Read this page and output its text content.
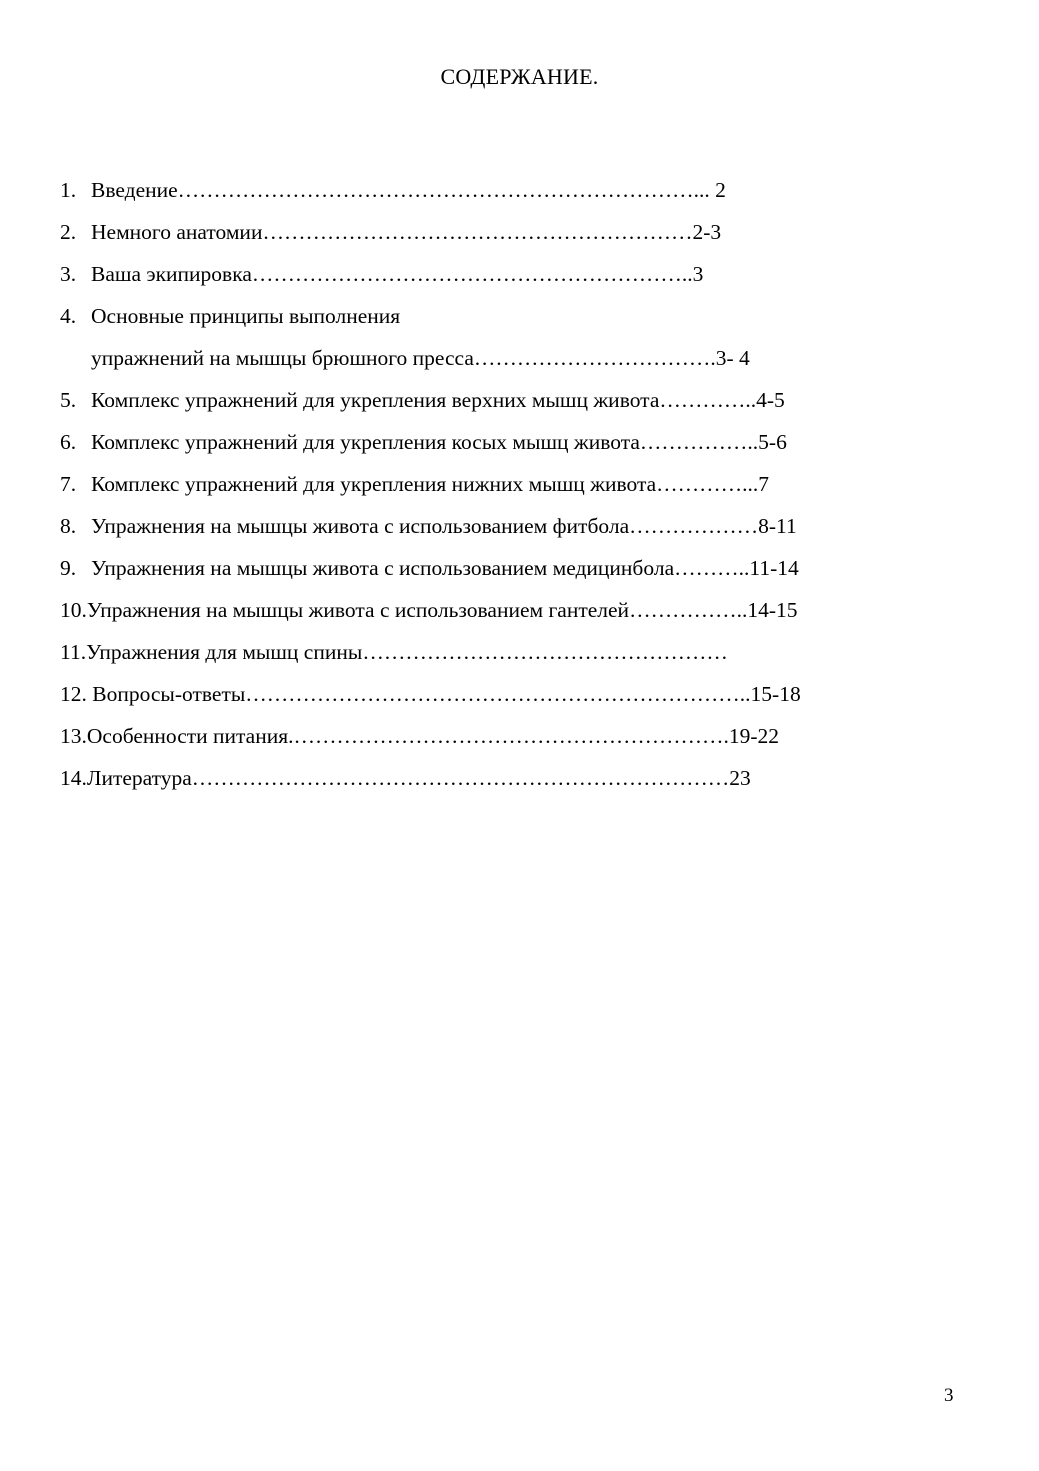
СОДЕРЖАНИЕ.
1. Введение………………………………………………………………... 2
2. Немного анатомии……………………………………………………2-3
3. Ваша экипировка……………………………………………………..3
4. Основные принципы выполнения
упражнений на мышцы брюшного пресса…………………………….3- 4
5. Комплекс упражнений для укрепления верхних мышц живота…………..4-5
6. Комплекс упражнений для укрепления косых мышц живота……………..5-6
7. Комплекс упражнений для укрепления нижних мышц живота…………...7
8. Упражнения на мышцы живота с использованием фитбола………………8-11
9. Упражнения на мышцы живота с использованием медицинбола………..11-14
10.Упражнения на мышцы живота с использованием гантелей……………..14-15
11.Упражнения для мышц спины……………………………………………
12. Вопросы-ответы……………………………………………………………..15-18
13.Особенности питания.…………………………………………………….19-22
14.Литература…………………………………………………………………23
3
